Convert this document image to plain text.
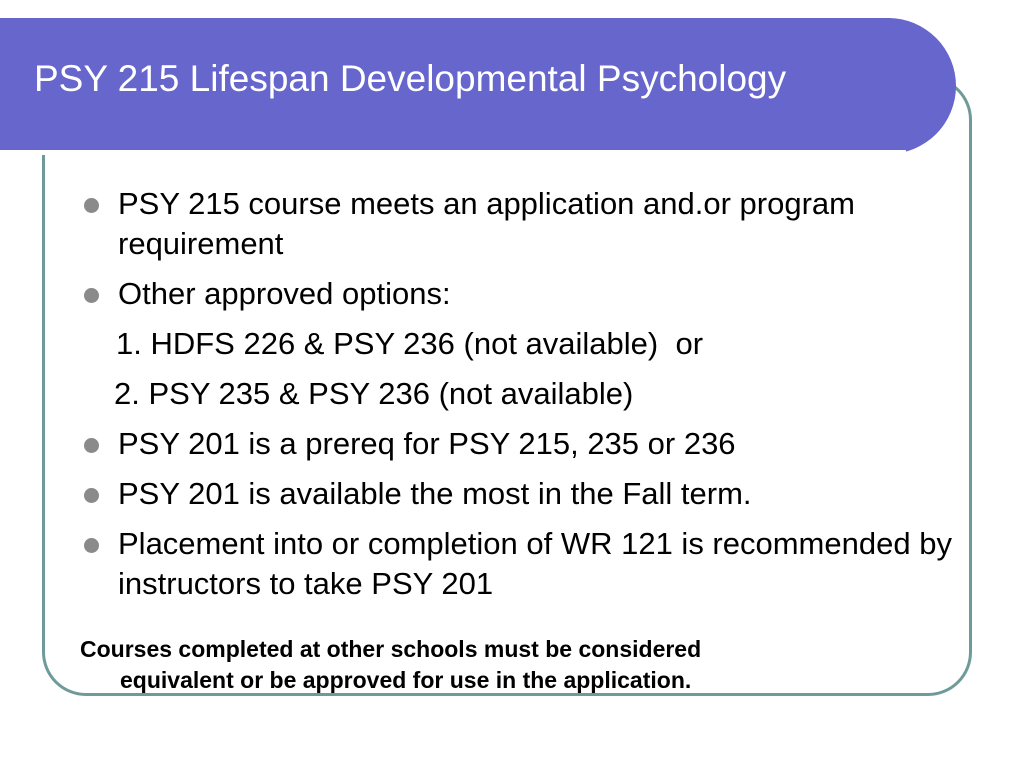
PSY 215 Lifespan Developmental Psychology
PSY 215 course meets an application and.or program requirement
Other approved options:
1. HDFS 226 & PSY 236 (not available)  or
2. PSY 235 & PSY 236 (not available)
PSY 201 is a prereq for PSY 215, 235 or 236
PSY 201 is available the most in the Fall term.
Placement into or completion of WR 121 is recommended by instructors to take PSY 201

Courses completed at other schools must be considered
equivalent or be approved for use in the application.
